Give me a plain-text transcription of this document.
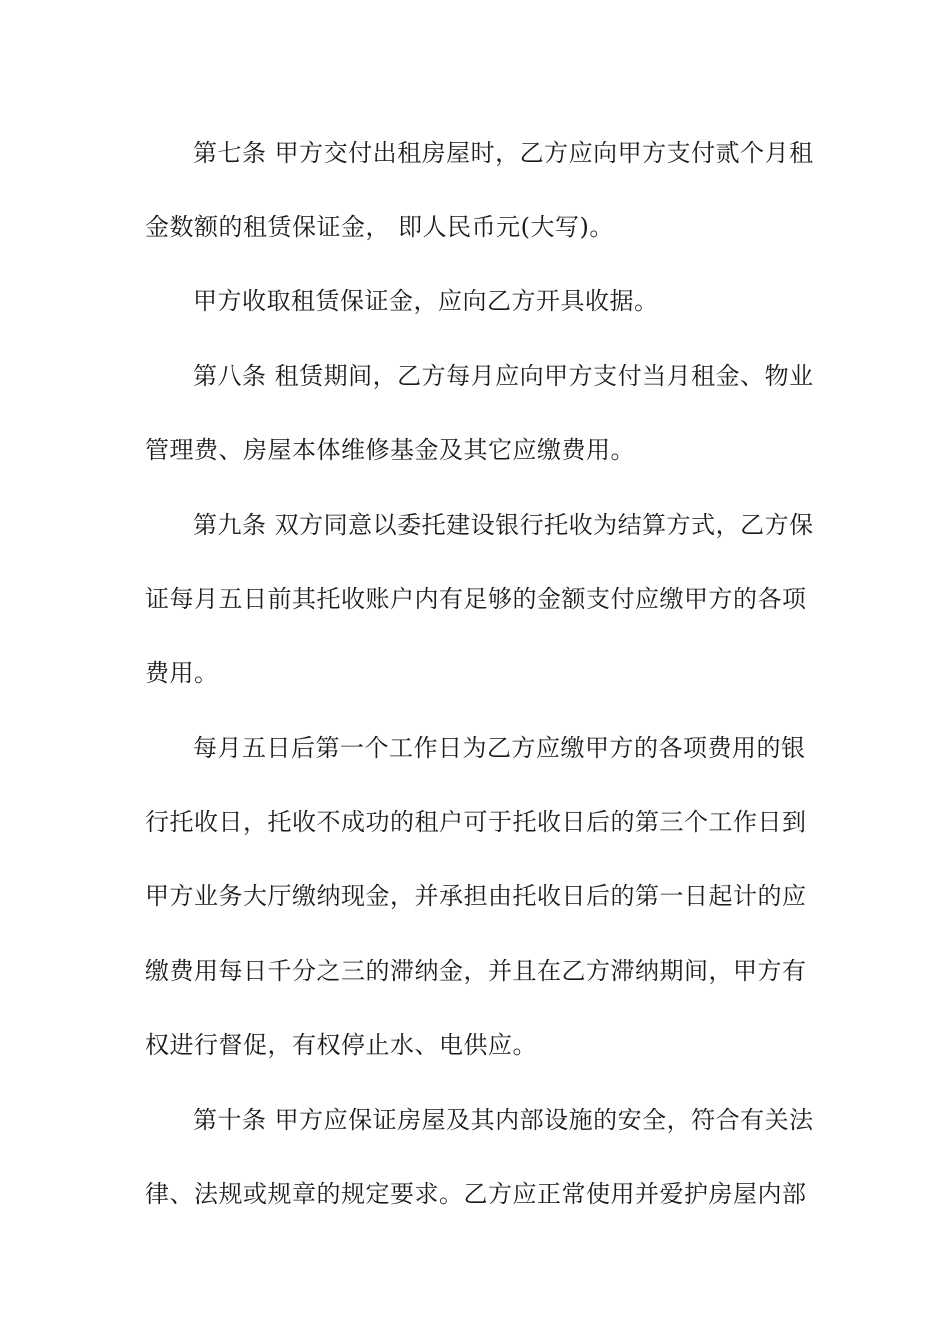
第七条 甲方交付出租房屋时，乙方应向甲方支付贰个月租
金数额的租赁保证金， 即人民币元(大写)。
甲方收取租赁保证金，应向乙方开具收据。
第八条 租赁期间，乙方每月应向甲方支付当月租金、物业
管理费、房屋本体维修基金及其它应缴费用。
第九条 双方同意以委托建设银行托收为结算方式，乙方保
证每月五日前其托收账户内有足够的金额支付应缴甲方的各项
费用。
每月五日后第一个工作日为乙方应缴甲方的各项费用的银
行托收日，托收不成功的租户可于托收日后的第三个工作日到
甲方业务大厅缴纳现金，并承担由托收日后的第一日起计的应
缴费用每日千分之三的滞纳金，并且在乙方滞纳期间，甲方有
权进行督促，有权停止水、电供应。
第十条 甲方应保证房屋及其内部设施的安全，符合有关法
律、法规或规章的规定要求。乙方应正常使用并爱护房屋内部
